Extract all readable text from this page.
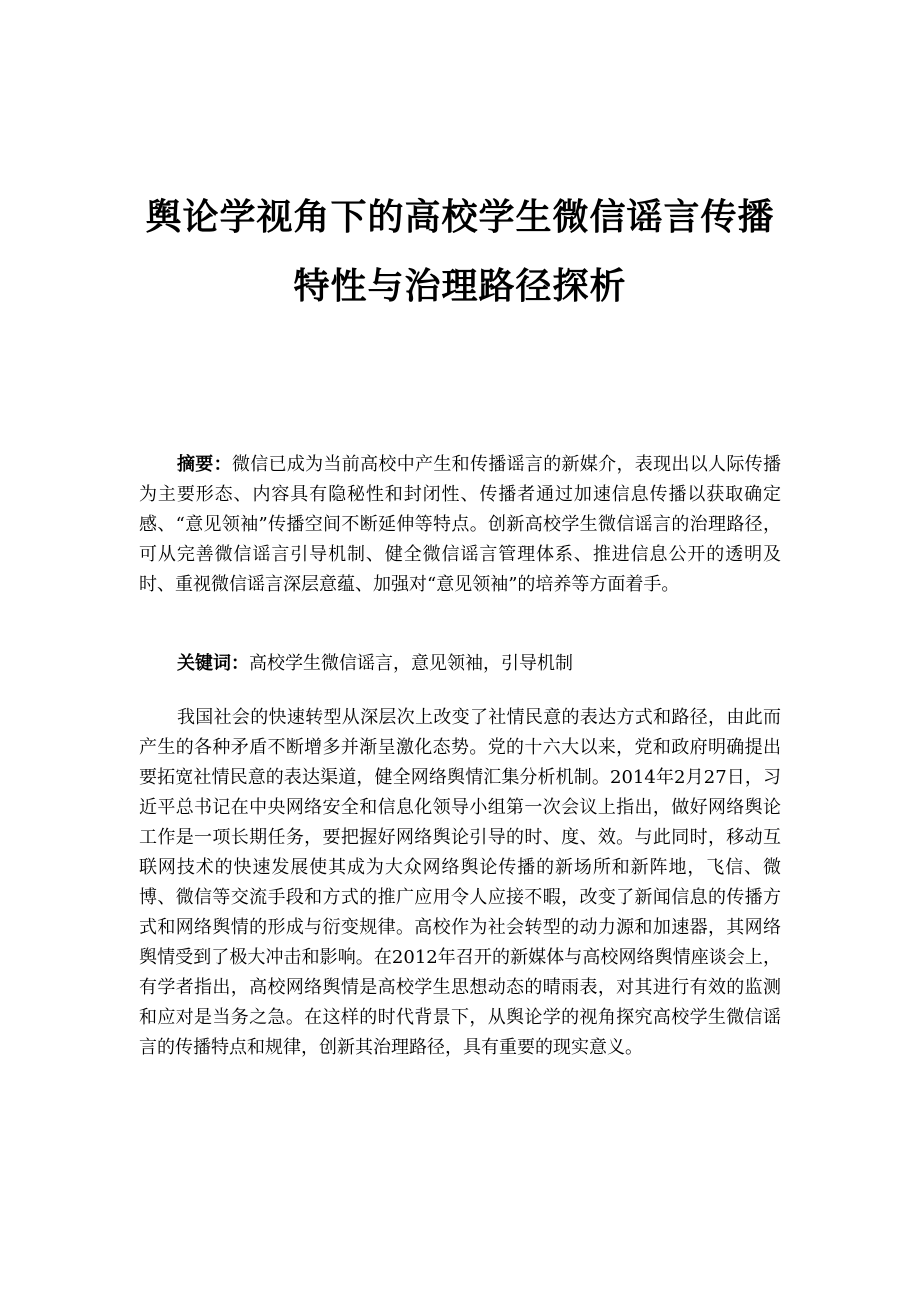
舆论学视角下的高校学生微信谣言传播
特性与治理路径探析

摘要：微信已成为当前高校中产生和传播谣言的新媒介，表现出以人际传播为主要形态、内容具有隐秘性和封闭性、传播者通过加速信息传播以获取确定感、“意见领袖”传播空间不断延伸等特点。创新高校学生微信谣言的治理路径，可从完善微信谣言引导机制、健全微信谣言管理体系、推进信息公开的透明及时、重视微信谣言深层意蕴、加强对“意见领袖”的培养等方面着手。

关键词：高校学生微信谣言，意见领袖，引导机制

我国社会的快速转型从深层次上改变了社情民意的表达方式和路径，由此而产生的各种矛盾不断增多并渐呈激化态势。党的十六大以来，党和政府明确提出要拓宽社情民意的表达渠道，健全网络舆情汇集分析机制。2014年2月27日，习近平总书记在中央网络安全和信息化领导小组第一次会议上指出，做好网络舆论工作是一项长期任务，要把握好网络舆论引导的时、度、效。与此同时，移动互联网技术的快速发展使其成为大众网络舆论传播的新场所和新阵地，飞信、微博、微信等交流手段和方式的推广应用令人应接不暇，改变了新闻信息的传播方式和网络舆情的形成与衍变规律。高校作为社会转型的动力源和加速器，其网络舆情受到了极大冲击和影响。在2012年召开的新媒体与高校网络舆情座谈会上，有学者指出，高校网络舆情是高校学生思想动态的晴雨表，对其进行有效的监测和应对是当务之急。在这样的时代背景下，从舆论学的视角探究高校学生微信谣言的传播特点和规律，创新其治理路径，具有重要的现实意义。
